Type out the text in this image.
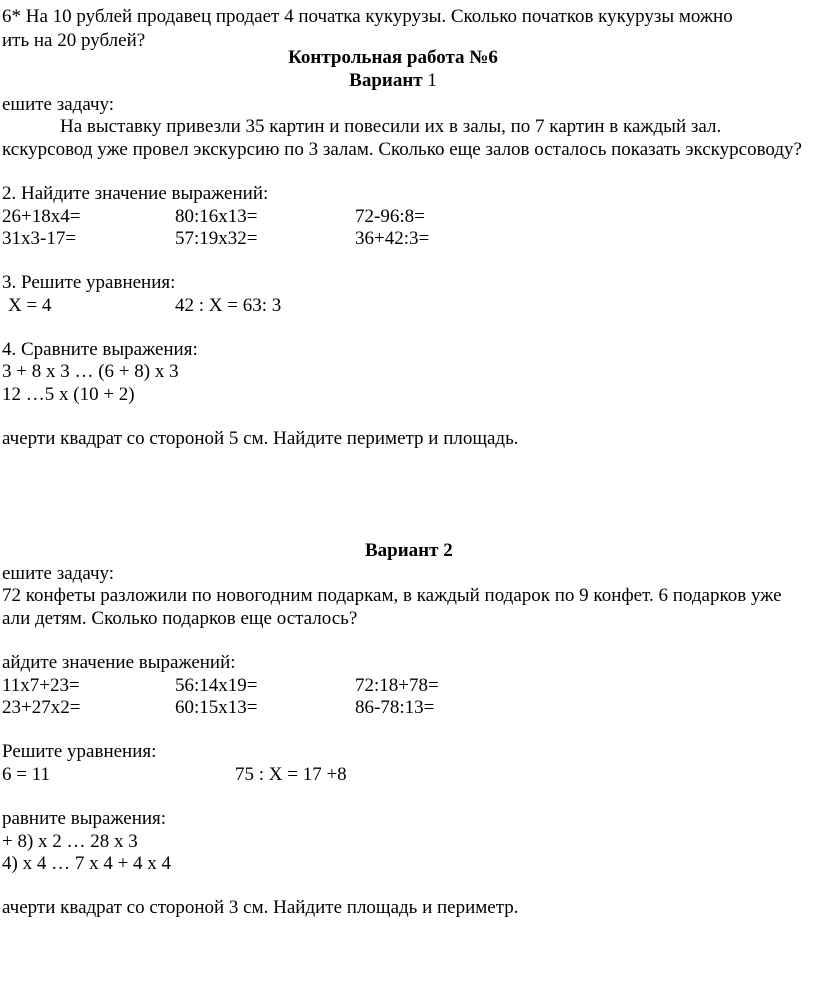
6* На 10 рублей продавец продает 4 початка кукурузы. Сколько початков кукурузы можно
ить на 20 рублей?
Контрольная работа №6
Вариант 1
ешите задачу:
На выставку привезли 35 картин и повесили их в залы, по 7 картин в каждый зал.
кскурсовод уже провел экскурсию по 3 залам. Сколько еще залов осталось показать экскурсоводу?
2. Найдите значение выражений:
26+18х4=	80:16х13=	72-96:8=
31х3-17=	57:19х32=	36+42:3=
3. Решите уравнения:
Х = 4	42 : Х = 63: 3
4. Сравните выражения:
3 + 8 х 3 … (6 + 8) х 3
12 …5 х (10 + 2)
ачерти квадрат со стороной 5 см. Найдите периметр и площадь.
Вариант 2
ешите задачу:
72 конфеты разложили по новогодним подаркам, в каждый подарок по 9 конфет. 6 подарков уже
али детям. Сколько подарков еще осталось?
айдите значение выражений:
11х7+23=	56:14х19=	72:18+78=
23+27х2=	60:15х13=	86-78:13=
Решите уравнения:
6 = 11	75 : Х = 17 +8
равните выражения:
+ 8) х 2 … 28 х 3
4) х 4 … 7 х 4 + 4 х 4
ачерти квадрат со стороной 3 см. Найдите площадь и периметр.
